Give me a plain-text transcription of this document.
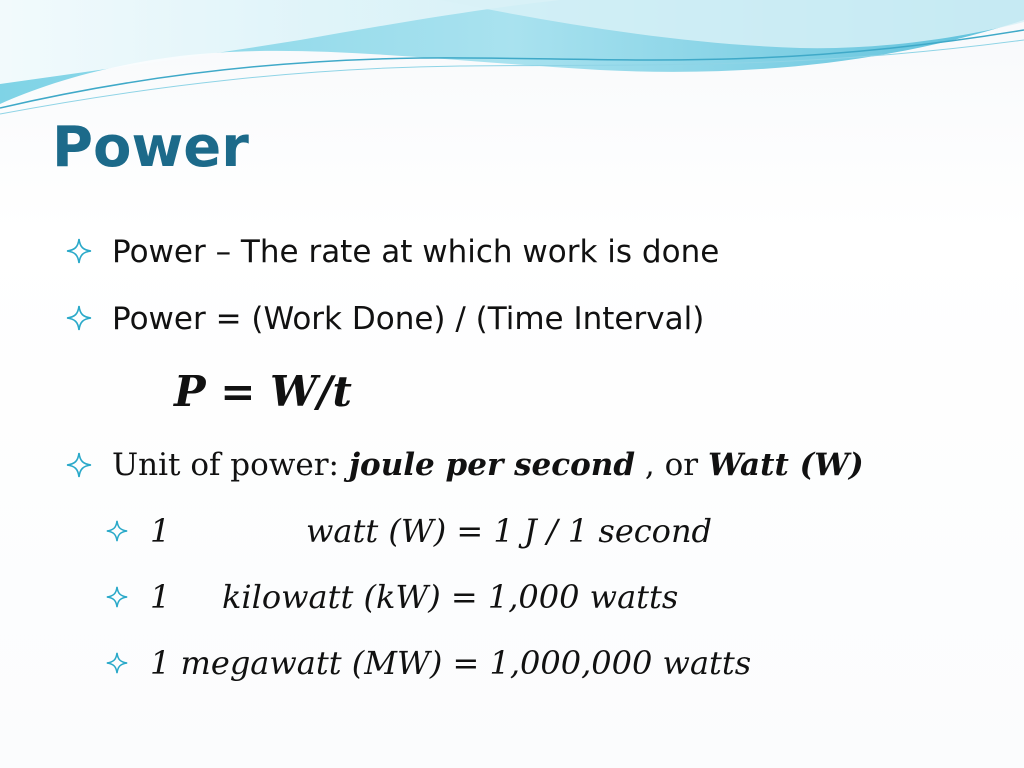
Power
Power – The rate at which work is done
Power = (Work Done) / (Time Interval)
P = W/t
Unit of power: joule per second , or Watt (W)
1	watt (W) = 1 J / 1 second
1 kilowatt (kW) = 1,000 watts
1 megawatt (MW) = 1,000,000 watts
